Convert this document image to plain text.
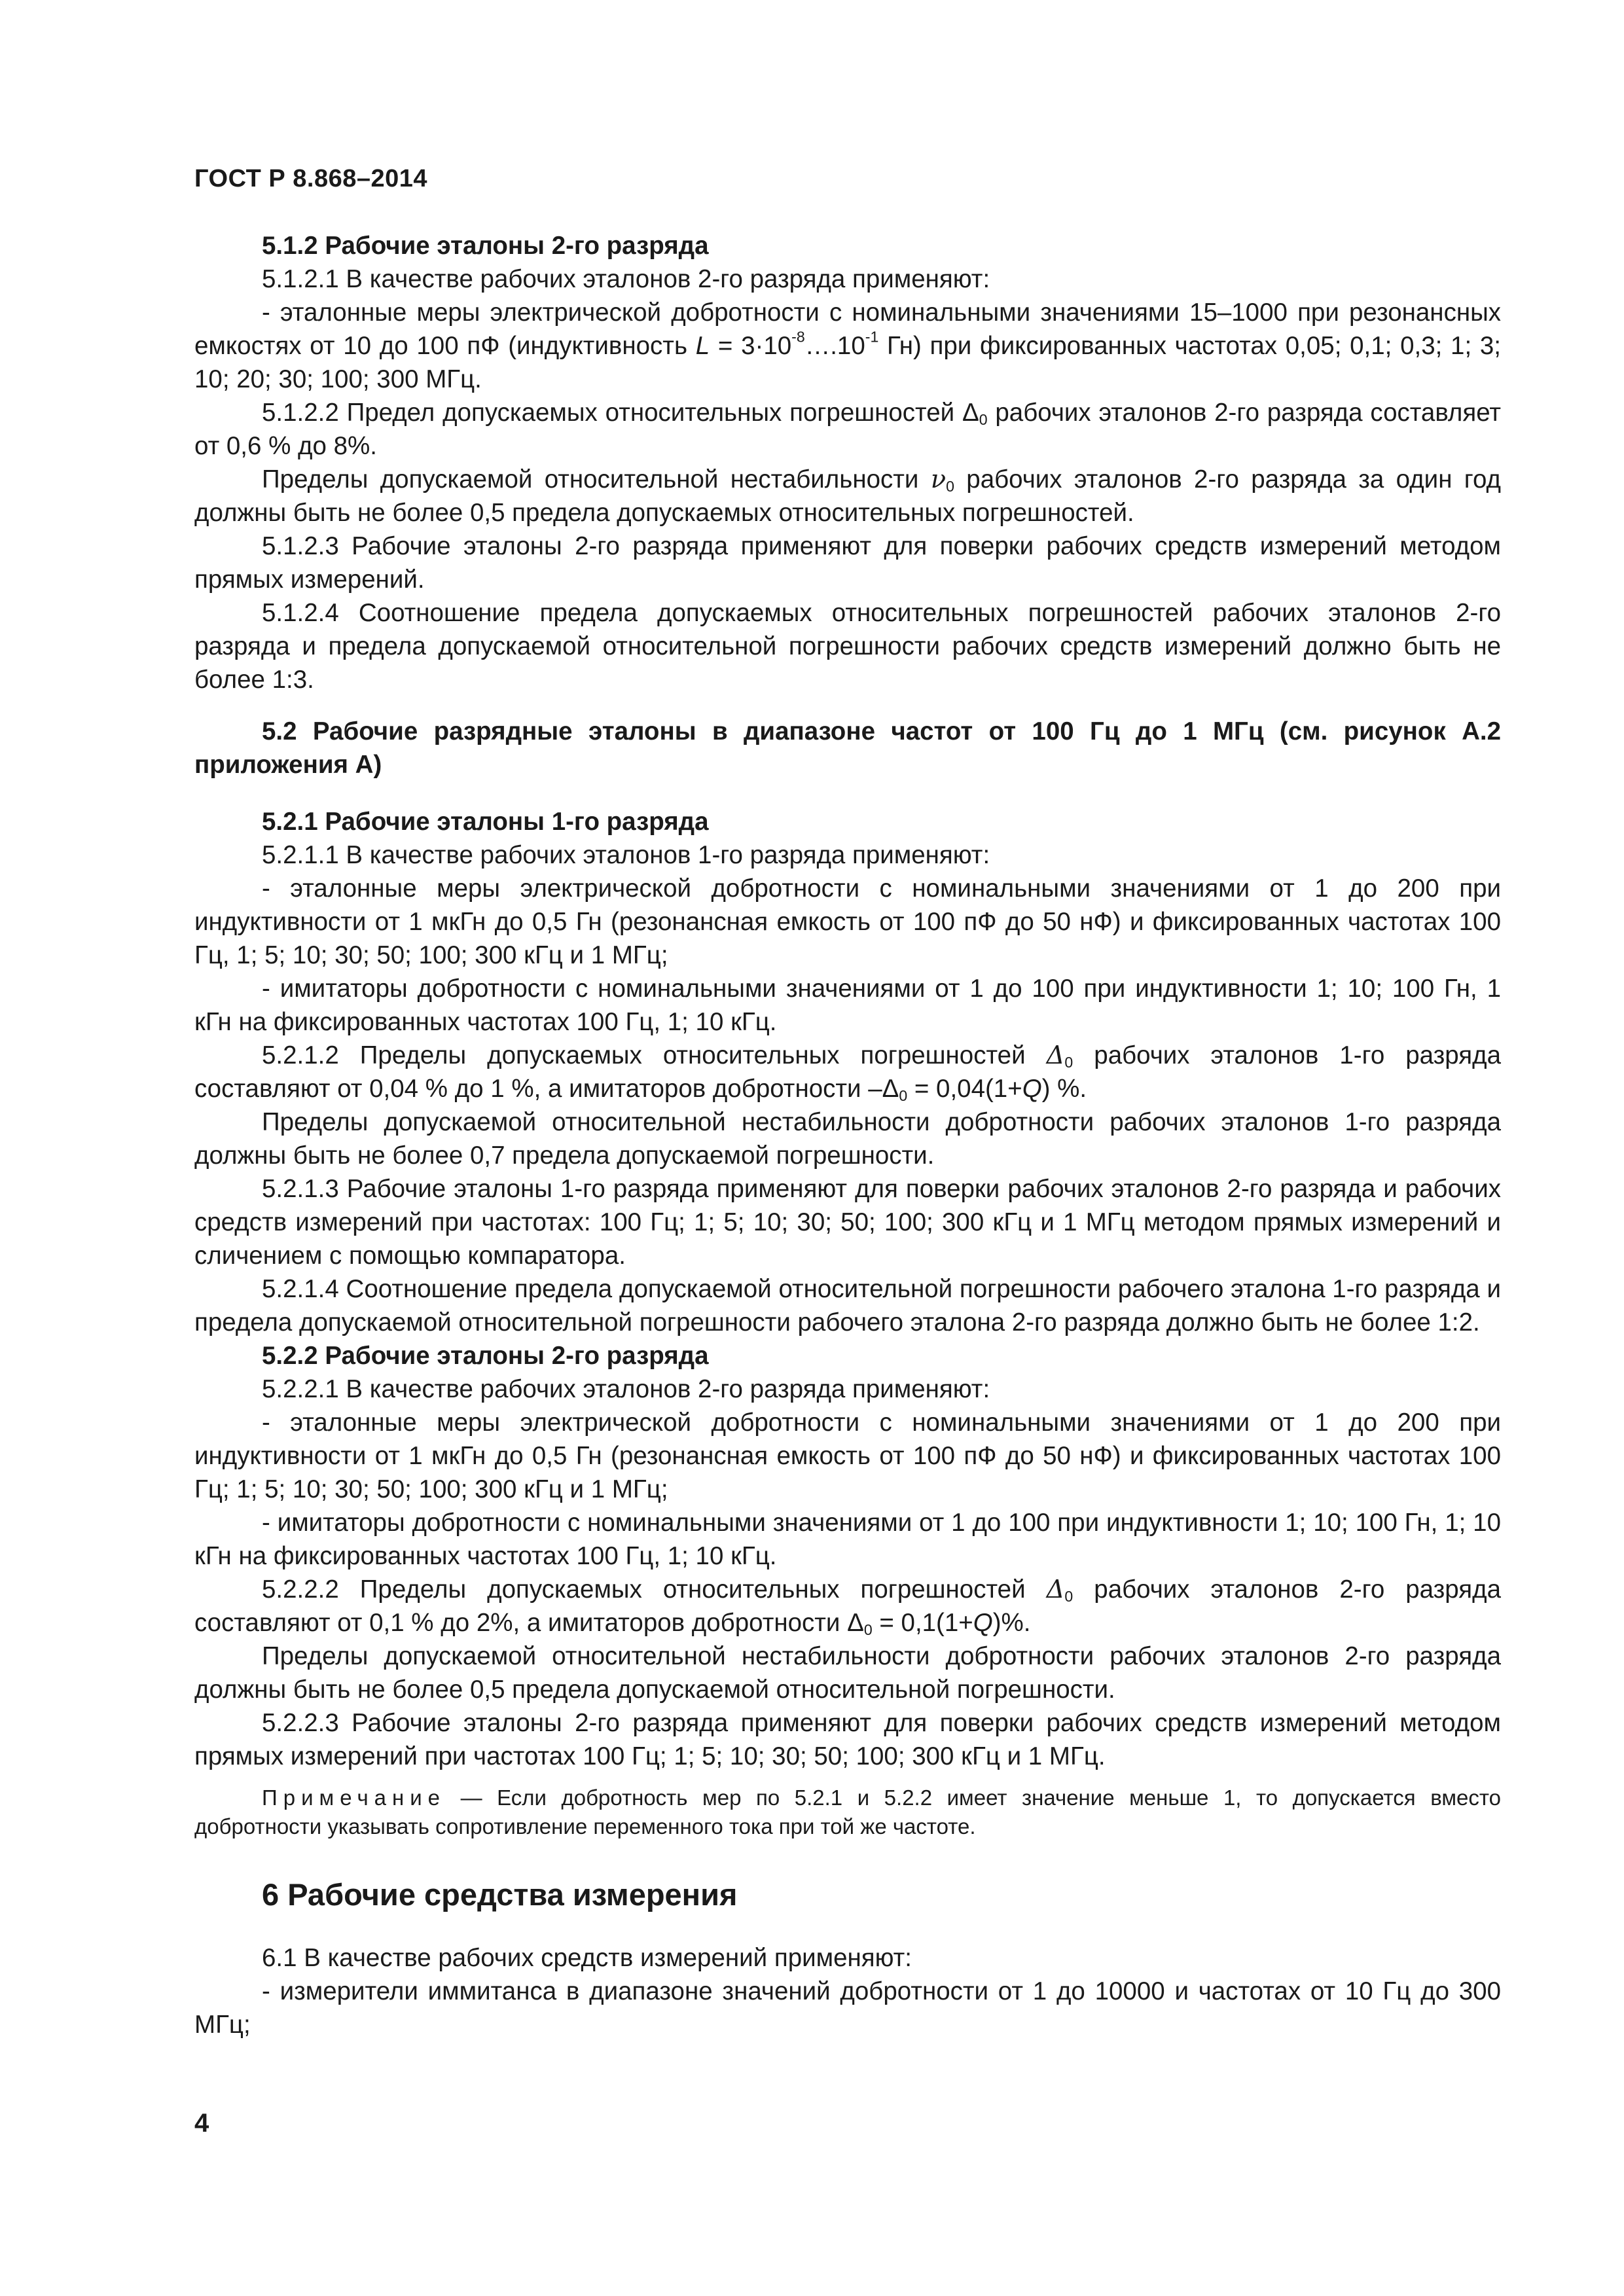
ГОСТ Р 8.868–2014

5.1.2 Рабочие эталоны 2-го разряда

5.1.2.1 В качестве рабочих эталонов 2-го разряда применяют:

- эталонные меры электрической добротности с номинальными значениями 15–1000 при резонансных емкостях от 10 до 100 пФ (индуктивность $L = 3\cdot 10^{-8}\dots.10^{-1}$ Гн) при фиксированных частотах 0,05; 0,1; 0,3; 1; 3; 10; 20; 30; 100; 300 МГц.

5.1.2.2 Предел допускаемых относительных погрешностей $\Delta_0$ рабочих эталонов 2-го разряда составляет от 0,6 % до 8%.

Пределы допускаемой относительной нестабильности $\nu_0$ рабочих эталонов 2-го разряда за один год должны быть не более 0,5 предела допускаемых относительных погрешностей.

5.1.2.3 Рабочие эталоны 2-го разряда применяют для поверки рабочих средств измерений методом прямых измерений.

5.1.2.4 Соотношение предела допускаемых относительных погрешностей рабочих эталонов 2-го разряда и предела допускаемой относительной погрешности рабочих средств измерений должно быть не более 1:3.

5.2 Рабочие разрядные эталоны в диапазоне частот от 100 Гц до 1 МГц (см. рисунок А.2 приложения А)

5.2.1 Рабочие эталоны 1-го разряда

5.2.1.1 В качестве рабочих эталонов 1-го разряда применяют:

- эталонные меры электрической добротности с номинальными значениями от 1 до 200 при индуктивности от 1 мкГн до 0,5 Гн (резонансная емкость от 100 пФ до 50 нФ) и фиксированных частотах 100 Гц, 1; 5; 10; 30; 50; 100; 300 кГц и 1 МГц;

- имитаторы добротности с номинальными значениями от 1 до 100 при индуктивности 1; 10; 100 Гн, 1 кГн на фиксированных частотах 100 Гц, 1; 10 кГц.

5.2.1.2 Пределы допускаемых относительных погрешностей $\Delta_0$ рабочих эталонов 1-го разряда составляют от 0,04 % до 1 %, а имитаторов добротности $-\Delta_0 = 0,04(1+Q)$ %.

Пределы допускаемой относительной нестабильности добротности рабочих эталонов 1-го разряда должны быть не более 0,7 предела допускаемой погрешности.

5.2.1.3 Рабочие эталоны 1-го разряда применяют для поверки рабочих эталонов 2-го разряда и рабочих средств измерений при частотах: 100 Гц; 1; 5; 10; 30; 50; 100; 300 кГц и 1 МГц методом прямых измерений и сличением с помощью компаратора.

5.2.1.4 Соотношение предела допускаемой относительной погрешности рабочего эталона 1-го разряда и предела допускаемой относительной погрешности рабочего эталона 2-го разряда должно быть не более 1:2.

5.2.2 Рабочие эталоны 2-го разряда

5.2.2.1 В качестве рабочих эталонов 2-го разряда применяют:

- эталонные меры электрической добротности с номинальными значениями от 1 до 200 при индуктивности от 1 мкГн до 0,5 Гн (резонансная емкость от 100 пФ до 50 нФ) и фиксированных частотах 100 Гц; 1; 5; 10; 30; 50; 100; 300 кГц и 1 МГц;

- имитаторы добротности с номинальными значениями от 1 до 100 при индуктивности 1; 10; 100 Гн, 1; 10 кГн на фиксированных частотах 100 Гц, 1; 10 кГц.

5.2.2.2 Пределы допускаемых относительных погрешностей $\Delta_0$ рабочих эталонов 2-го разряда составляют от 0,1 % до 2%, а имитаторов добротности $\Delta_0 = 0,1(1+Q)\%$.

Пределы допускаемой относительной нестабильности добротности рабочих эталонов 2-го разряда должны быть не более 0,5 предела допускаемой относительной погрешности.

5.2.2.3 Рабочие эталоны 2-го разряда применяют для поверки рабочих средств измерений методом прямых измерений при частотах 100 Гц; 1; 5; 10; 30; 50; 100; 300 кГц и 1 МГц.

Примечание — Если добротность мер по 5.2.1 и 5.2.2 имеет значение меньше 1, то допускается вместо добротности указывать сопротивление переменного тока при той же частоте.

6 Рабочие средства измерения

6.1 В качестве рабочих средств измерений применяют:

- измерители иммитанса в диапазоне значений добротности от 1 до 10000 и частотах от 10 Гц до 300 МГц;

4
